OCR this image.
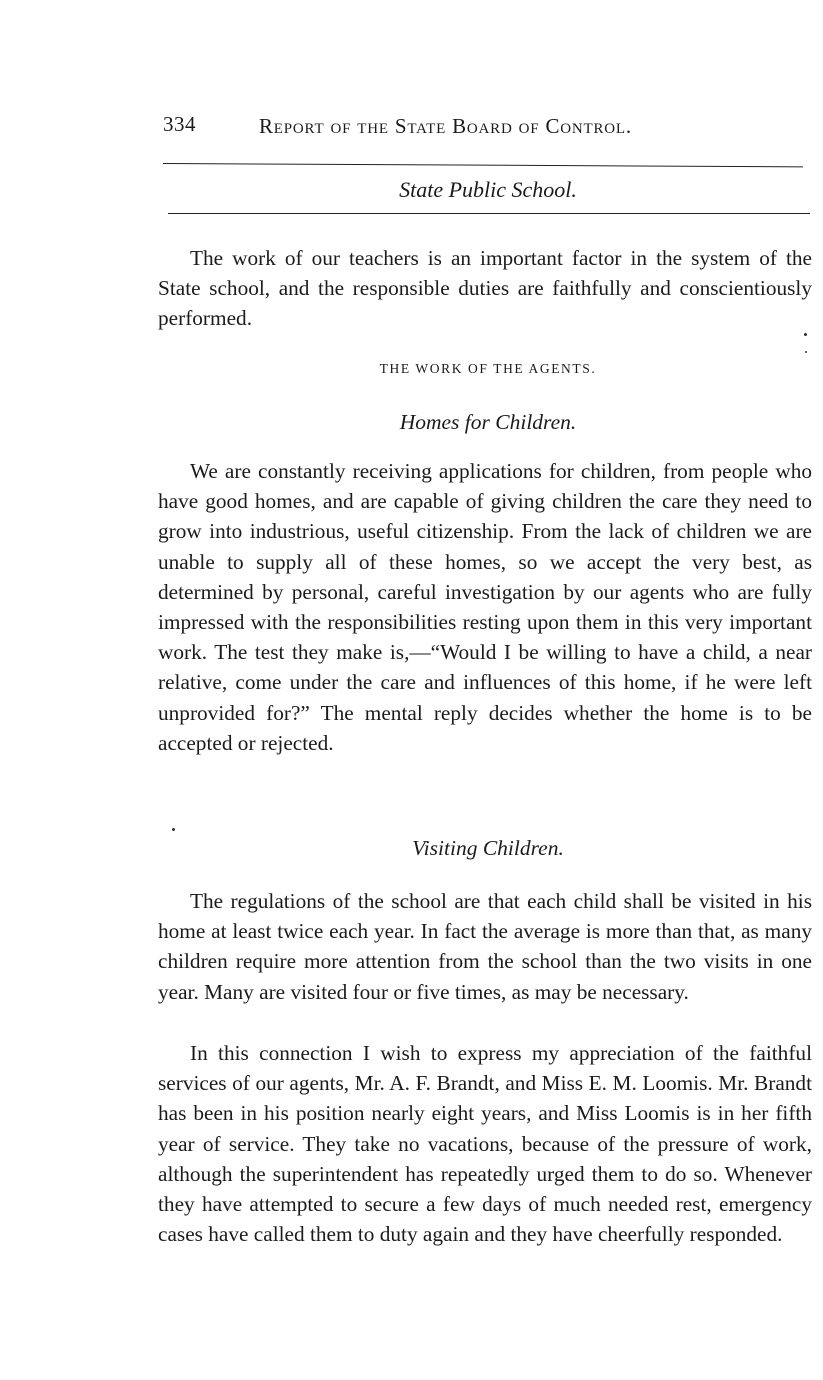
334	Report of the State Board of Control.
State Public School.

The work of our teachers is an important factor in the system of the State school, and the responsible duties are faithfully and conscientiously performed.

THE WORK OF THE AGENTS.
Homes for Children.

We are constantly receiving applications for children, from people who have good homes, and are capable of giving children the care they need to grow into industrious, useful citizenship. From the lack of children we are unable to supply all of these homes, so we accept the very best, as determined by personal, careful investigation by our agents who are fully impressed with the responsibilities resting upon them in this very important work. The test they make is,—“Would I be willing to have a child, a near relative, come under the care and influences of this home, if he were left unprovided for?” The mental reply decides whether the home is to be accepted or rejected.

Visiting Children.

The regulations of the school are that each child shall be visited in his home at least twice each year. In fact the average is more than that, as many children require more attention from the school than the two visits in one year. Many are visited four or five times, as may be necessary.

In this connection I wish to express my appreciation of the faithful services of our agents, Mr. A. F. Brandt, and Miss E. M. Loomis. Mr. Brandt has been in his position nearly eight years, and Miss Loomis is in her fifth year of service. They take no vacations, because of the pressure of work, although the superintendent has repeatedly urged them to do so. Whenever they have attempted to secure a few days of much needed rest, emergency cases have called them to duty again and they have cheerfully responded.
